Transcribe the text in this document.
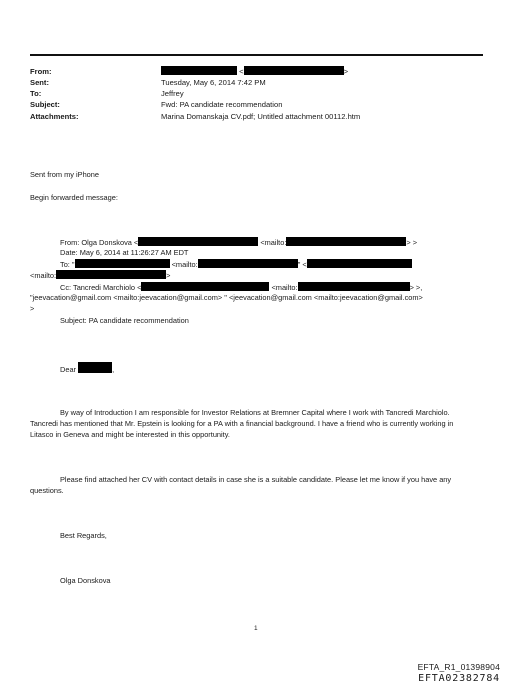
From:	<	>
Sent:	Tuesday, May 6, 2014 7:42 PM
To:	Jeffrey
Subject:	Fwd: PA candidate recommendation
Attachments:	Marina Domanskaja CV.pdf; Untitled attachment 00112.htm
Sent from my iPhone
Begin forwarded message:
From: Olga Donskova <	<mailto:	> >
Date: May 6, 2014 at 11:26:27 AM EDT
To: "	<mailto:	" <
<mailto:	>
Cc: Tancredi Marchiolo <	<mailto:	> >,
"jeevacation@gmail.com <mailto:jeevacation@gmail.com> " <jeevacation@gmail.com <mailto:jeevacation@gmail.com>
>
Subject: PA candidate recommendation
Dear	,
By way of Introduction I am responsible for Investor Relations at Bremner Capital where I work with Tancredi Marchiolo. Tancredi has mentioned that Mr. Epstein is looking for a PA with a financial background. I have a friend who is currently working in Litasco in Geneva and might be interested in this opportunity.
Please find attached her CV with contact details in case she is a suitable candidate. Please let me know if you have any questions.
Best Regards,
Olga Donskova
1
EFTA_R1_01398904
EFTA02382784
